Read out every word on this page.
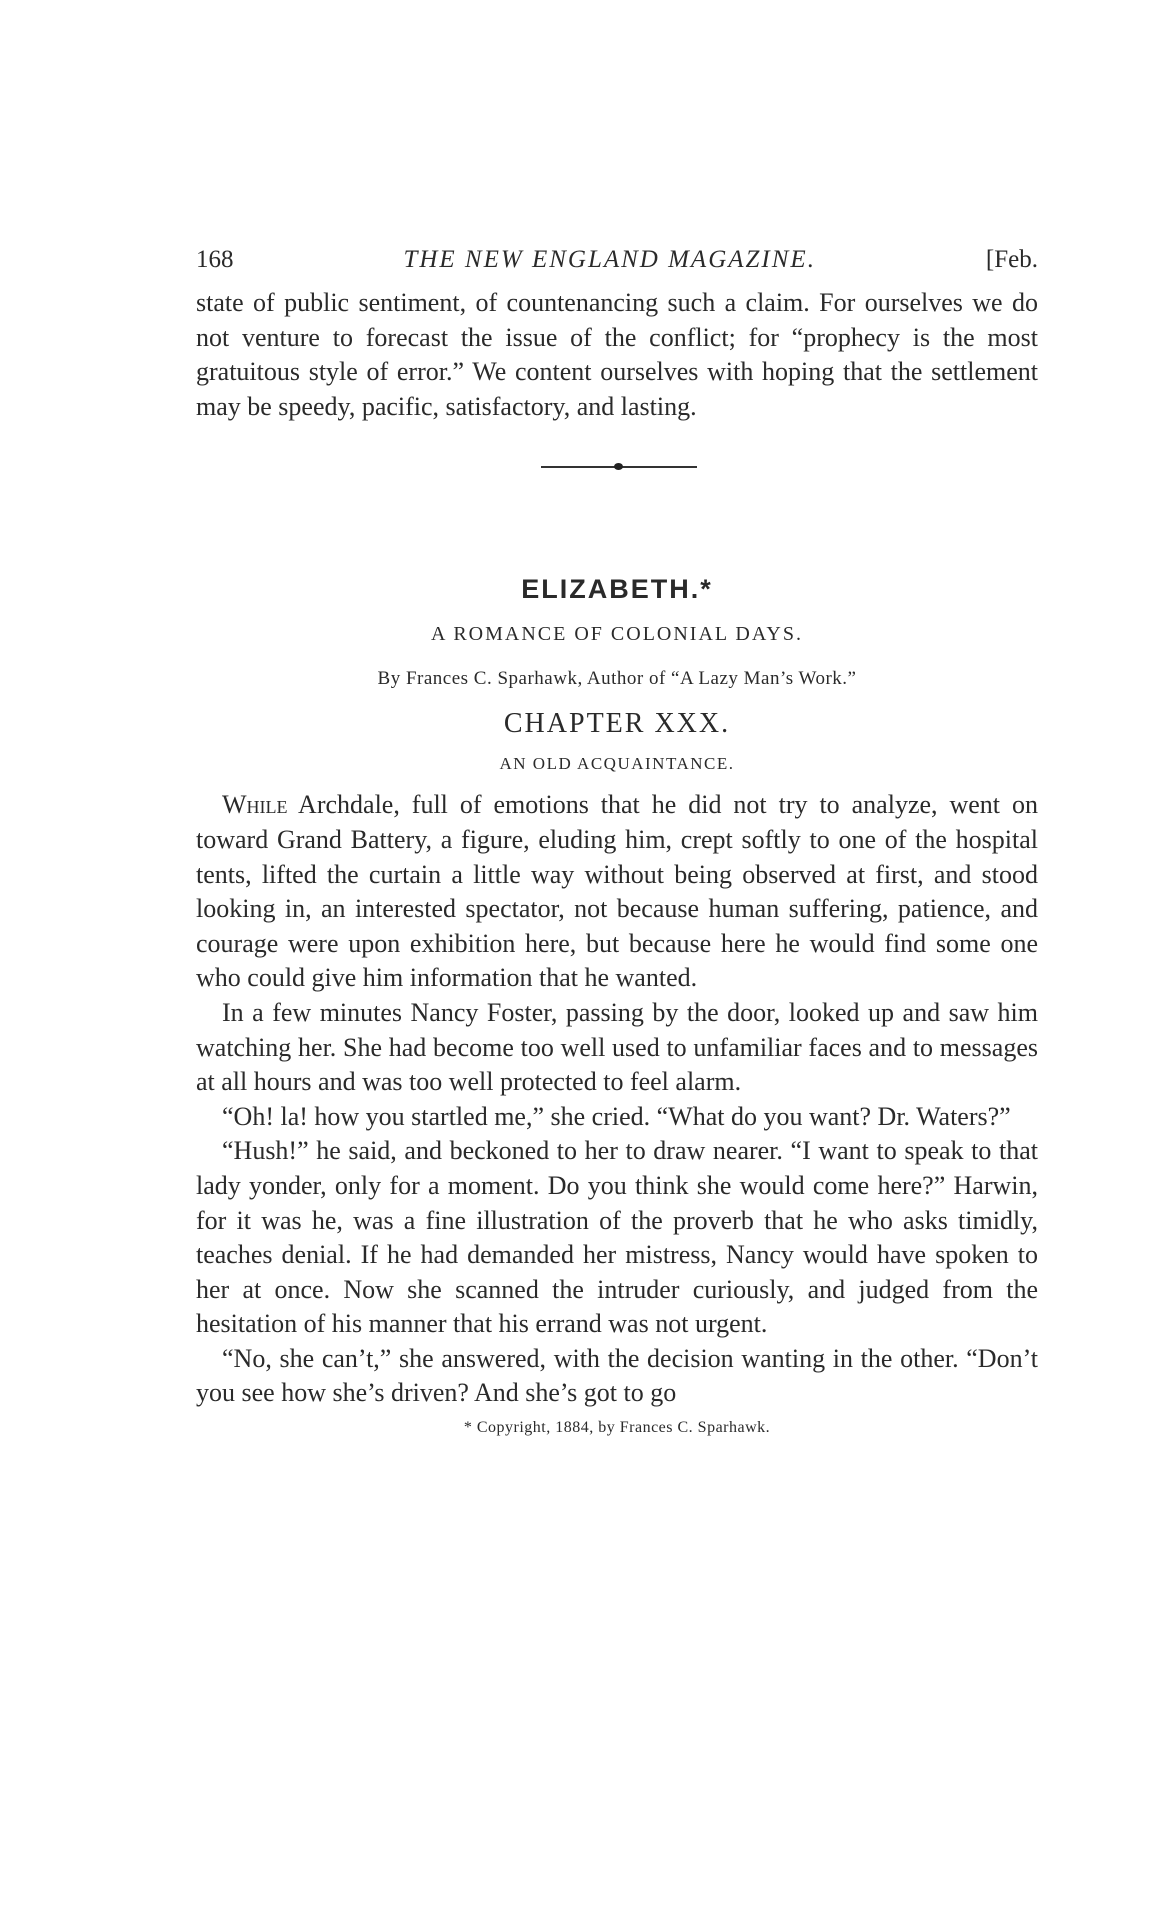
168	THE NEW ENGLAND MAGAZINE.	[Feb.

state of public sentiment, of countenancing such a claim. For ourselves we do not venture to forecast the issue of the conflict; for “prophecy is the most gratuitous style of error.” We content ourselves with hoping that the settlement may be speedy, pacific, satisfactory, and lasting.

ELIZABETH.*
A ROMANCE OF COLONIAL DAYS.
By Frances C. Sparhawk, Author of “A Lazy Man’s Work.”
CHAPTER XXX.
AN OLD ACQUAINTANCE.

While Archdale, full of emotions that he did not try to analyze, went on toward Grand Battery, a figure, eluding him, crept softly to one of the hospital tents, lifted the curtain a little way without being observed at first, and stood looking in, an interested spectator, not because human suffering, patience, and courage were upon exhibition here, but because here he would find some one who could give him information that he wanted.

In a few minutes Nancy Foster, passing by the door, looked up and saw him watching her. She had become too well used to unfamiliar faces and to messages at all hours and was too well protected to feel alarm.

“Oh! la! how you startled me,” she cried. “What do you want? Dr. Waters?”

“Hush!” he said, and beckoned to her to draw nearer. “I want to speak to that lady yonder, only for a moment. Do you think she would come here?” Harwin, for it was he, was a fine illustration of the proverb that he who asks timidly, teaches denial. If he had demanded her mistress, Nancy would have spoken to her at once. Now she scanned the intruder curiously, and judged from the hesitation of his manner that his errand was not urgent.

“No, she can’t,” she answered, with the decision wanting in the other. “Don’t you see how she’s driven? And she’s got to go

* Copyright, 1884, by Frances C. Sparhawk.
